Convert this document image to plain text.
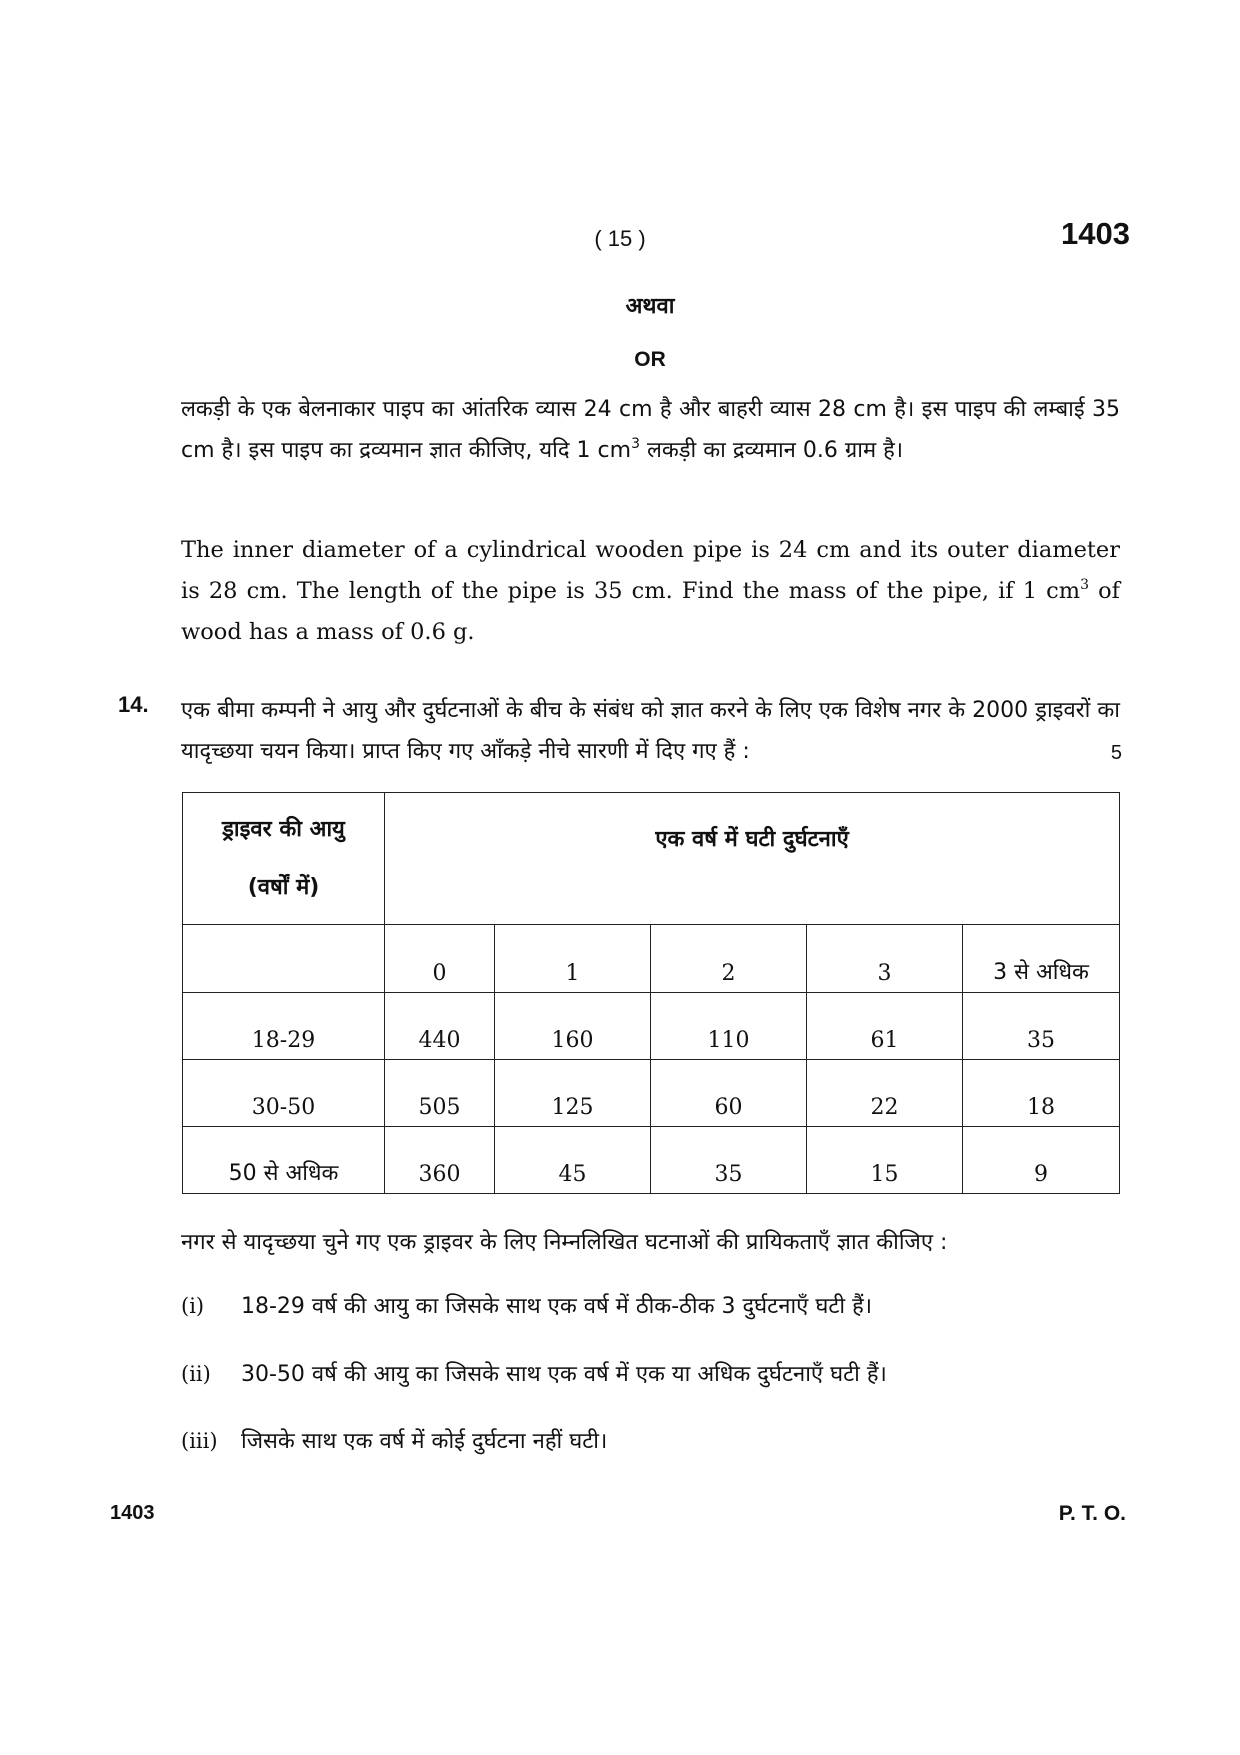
( 15 )	1403
अथवा
OR
लकड़ी के एक बेलनाकार पाइप का आंतरिक व्यास 24 cm है और बाहरी व्यास 28 cm है। इस पाइप की लम्बाई 35 cm है। इस पाइप का द्रव्यमान ज्ञात कीजिए, यदि 1 $cm^3$ लकड़ी का द्रव्यमान 0.6 ग्राम है।
The inner diameter of a cylindrical wooden pipe is 24 cm and its outer diameter is 28 cm. The length of the pipe is 35 cm. Find the mass of the pipe, if 1 $cm^3$ of wood has a mass of 0.6 g.
14. एक बीमा कम्पनी ने आयु और दुर्घटनाओं के बीच के संबंध को ज्ञात करने के लिए एक विशेष नगर के 2000 ड्राइवरों का यादृच्छया चयन किया। प्राप्त किए गए आँकड़े नीचे सारणी में दिए गए हैं :	5
ड्राइवर की आयु
(वर्षों में)	एक वर्ष में घटी दुर्घटनाएँ				
	0	1	2	3	3 से अधिक
18-29	440	160	110	61	35
30-50	505	125	60	22	18
50 से अधिक	360	45	35	15	9
नगर से यादृच्छया चुने गए एक ड्राइवर के लिए निम्नलिखित घटनाओं की प्रायिकताएँ ज्ञात कीजिए :
(i) 18-29 वर्ष की आयु का जिसके साथ एक वर्ष में ठीक-ठीक 3 दुर्घटनाएँ घटी हैं।
(ii) 30-50 वर्ष की आयु का जिसके साथ एक वर्ष में एक या अधिक दुर्घटनाएँ घटी हैं।
(iii) जिसके साथ एक वर्ष में कोई दुर्घटना नहीं घटी।
1403	P. T. O.
